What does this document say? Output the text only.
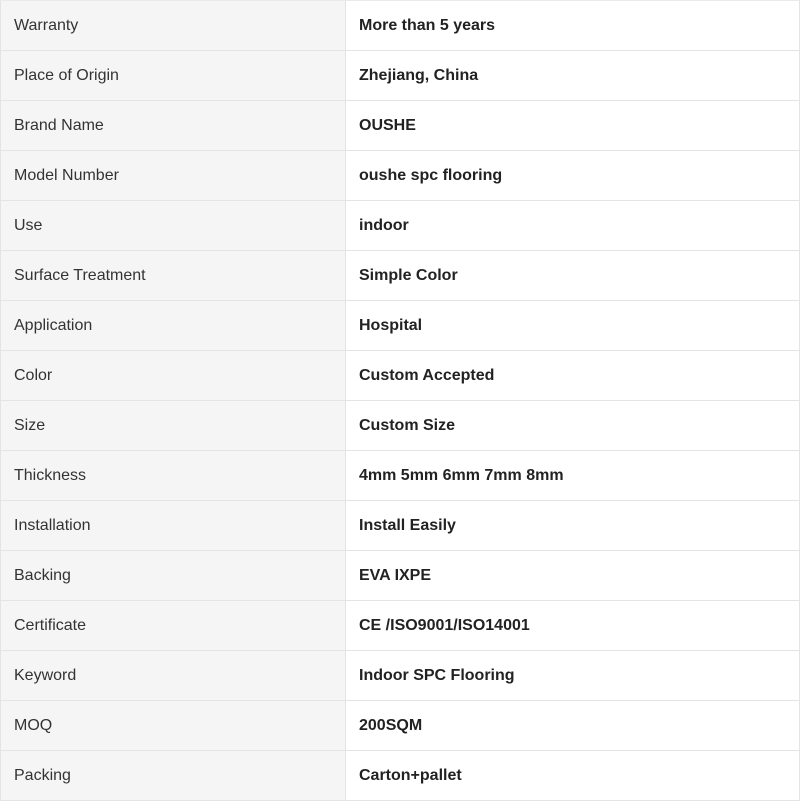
Warranty	More than 5 years
Place of Origin	Zhejiang, China
Brand Name	OUSHE
Model Number	oushe spc flooring
Use	indoor
Surface Treatment	Simple Color
Application	Hospital
Color	Custom Accepted
Size	Custom Size
Thickness	4mm 5mm 6mm 7mm 8mm
Installation	Install Easily
Backing	EVA IXPE
Certificate	CE /ISO9001/ISO14001
Keyword	Indoor SPC Flooring
MOQ	200SQM
Packing	Carton+pallet
